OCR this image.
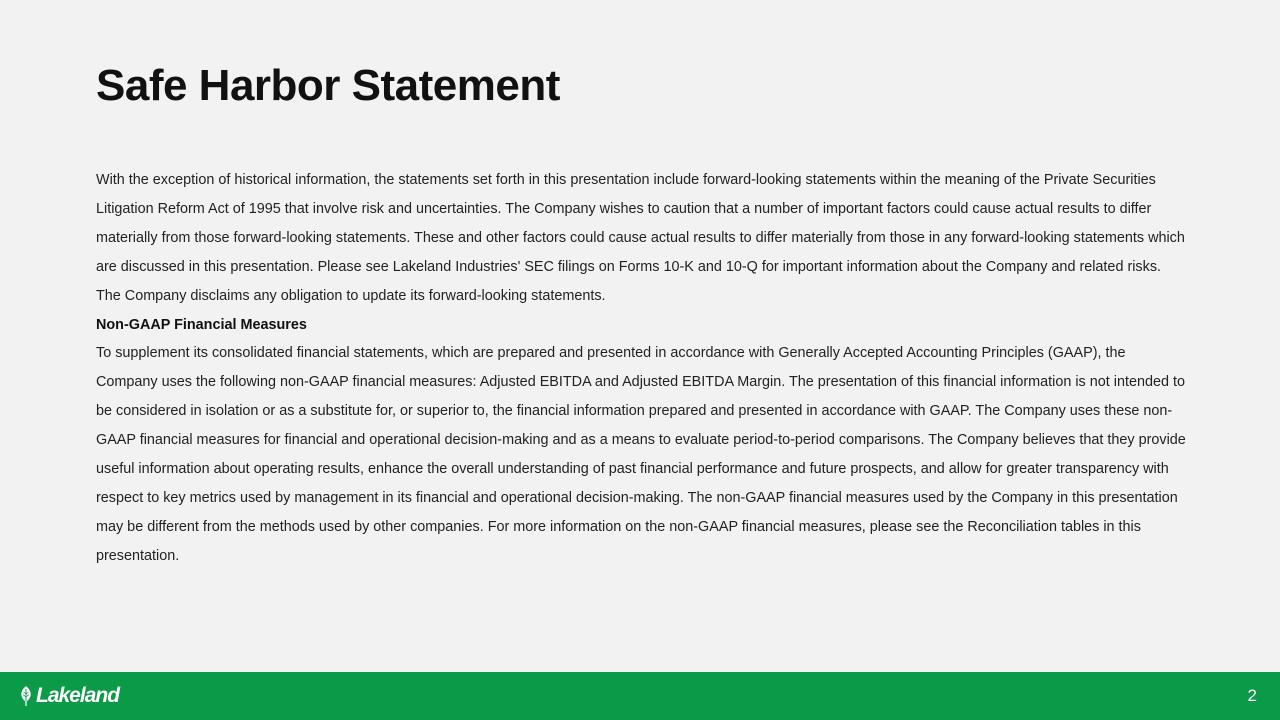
Safe Harbor Statement

With the exception of historical information, the statements set forth in this presentation include forward-looking statements within the meaning of the Private Securities Litigation Reform Act of 1995 that involve risk and uncertainties. The Company wishes to caution that a number of important factors could cause actual results to differ materially from those forward-looking statements. These and other factors could cause actual results to differ materially from those in any forward-looking statements which are discussed in this presentation. Please see Lakeland Industries' SEC filings on Forms 10-K and 10-Q for important information about the Company and related risks. The Company disclaims any obligation to update its forward-looking statements.

Non-GAAP Financial Measures

To supplement its consolidated financial statements, which are prepared and presented in accordance with Generally Accepted Accounting Principles (GAAP), the Company uses the following non-GAAP financial measures: Adjusted EBITDA and Adjusted EBITDA Margin. The presentation of this financial information is not intended to be considered in isolation or as a substitute for, or superior to, the financial information prepared and presented in accordance with GAAP. The Company uses these non-GAAP financial measures for financial and operational decision-making and as a means to evaluate period-to-period comparisons. The Company believes that they provide useful information about operating results, enhance the overall understanding of past financial performance and future prospects, and allow for greater transparency with respect to key metrics used by management in its financial and operational decision-making. The non-GAAP financial measures used by the Company in this presentation may be different from the methods used by other companies. For more information on the non-GAAP financial measures, please see the Reconciliation tables in this presentation.

Lakeland	2
